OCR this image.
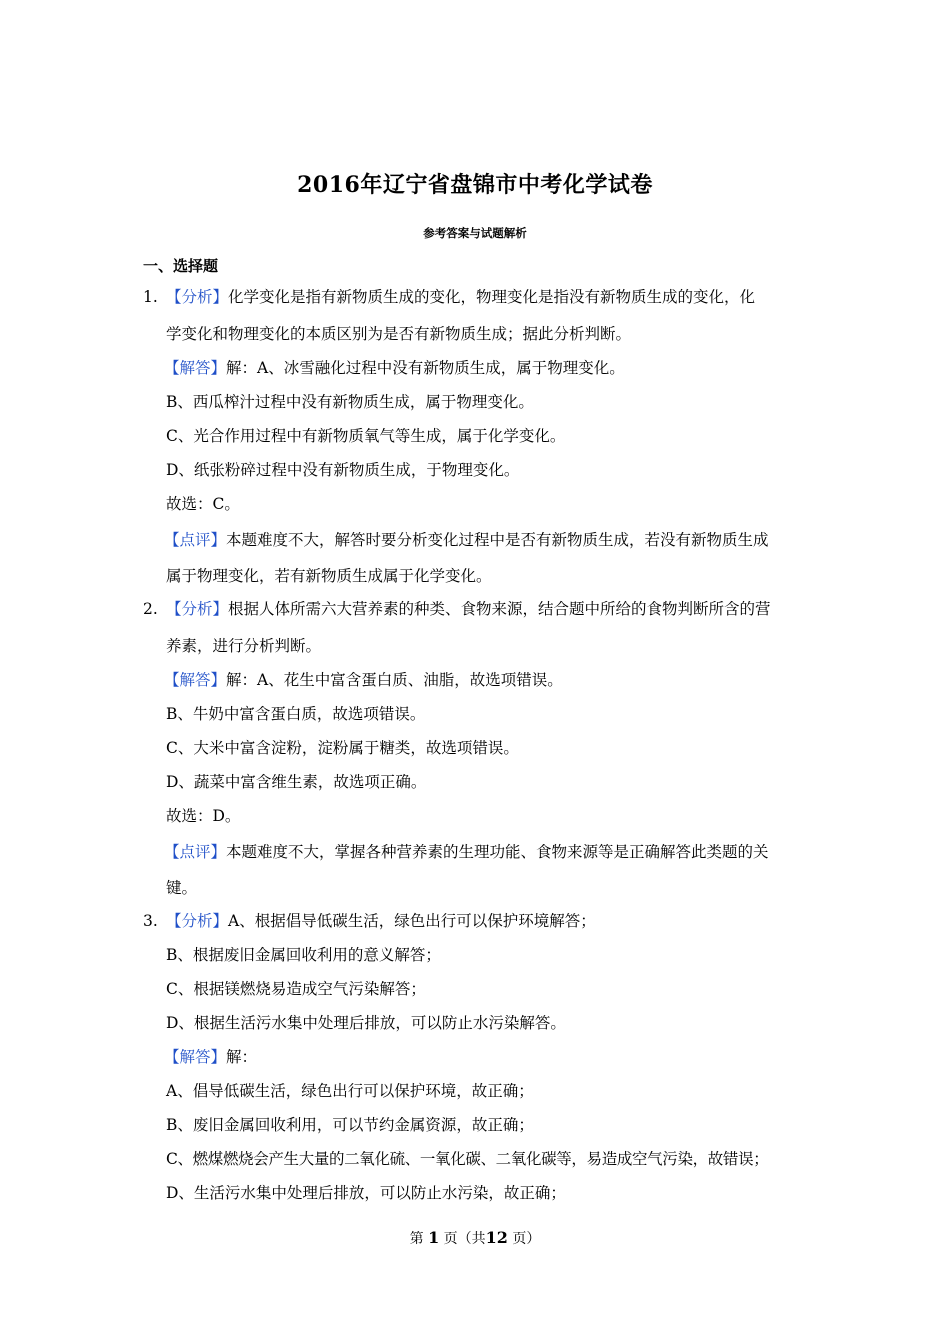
2016年辽宁省盘锦市中考化学试卷
参考答案与试题解析
一、选择题
1. 【分析】化学变化是指有新物质生成的变化，物理变化是指没有新物质生成的变化，化
学变化和物理变化的本质区别为是否有新物质生成；据此分析判断。
【解答】解：A、冰雪融化过程中没有新物质生成，属于物理变化。
B、西瓜榨汁过程中没有新物质生成，属于物理变化。
C、光合作用过程中有新物质氧气等生成，属于化学变化。
D、纸张粉碎过程中没有新物质生成，于物理变化。
故选：C。
【点评】本题难度不大，解答时要分析变化过程中是否有新物质生成，若没有新物质生成
属于物理变化，若有新物质生成属于化学变化。
2. 【分析】根据人体所需六大营养素的种类、食物来源，结合题中所给的食物判断所含的营
养素，进行分析判断。
【解答】解：A、花生中富含蛋白质、油脂，故选项错误。
B、牛奶中富含蛋白质，故选项错误。
C、大米中富含淀粉，淀粉属于糖类，故选项错误。
D、蔬菜中富含维生素，故选项正确。
故选：D。
【点评】本题难度不大，掌握各种营养素的生理功能、食物来源等是正确解答此类题的关
键。
3. 【分析】A、根据倡导低碳生活，绿色出行可以保护环境解答；
B、根据废旧金属回收利用的意义解答；
C、根据镁燃烧易造成空气污染解答；
D、根据生活污水集中处理后排放，可以防止水污染解答。
【解答】解：
A、倡导低碳生活，绿色出行可以保护环境，故正确；
B、废旧金属回收利用，可以节约金属资源，故正确；
C、燃煤燃烧会产生大量的二氧化硫、一氧化碳、二氧化碳等，易造成空气污染，故错误；
D、生活污水集中处理后排放，可以防止水污染，故正确；
第 1 页（共12 页）
